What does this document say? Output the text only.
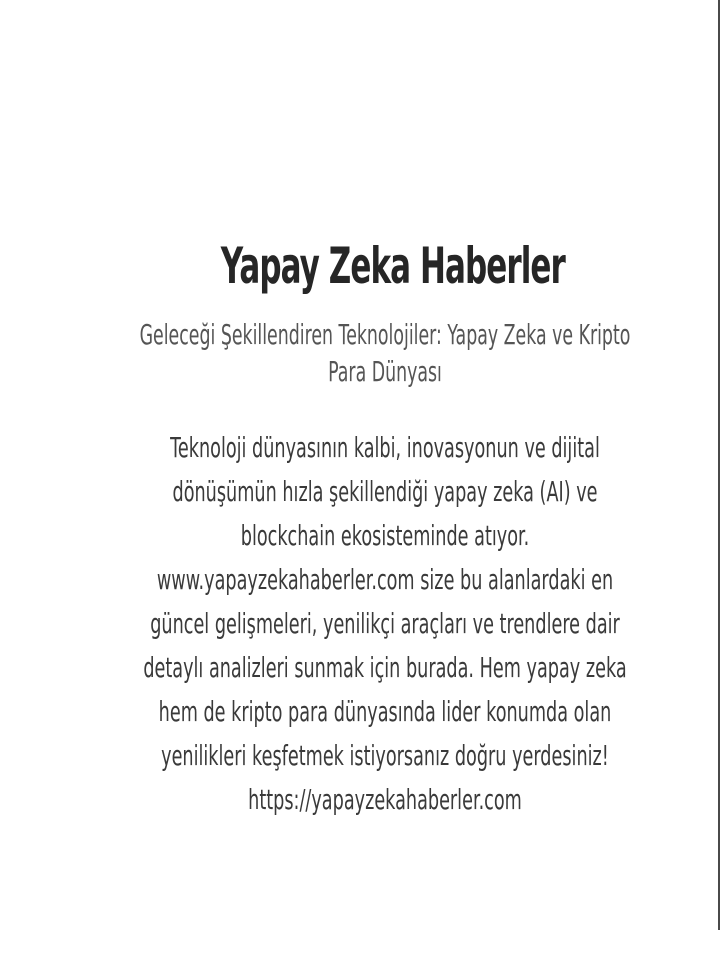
Yapay Zeka Haberler

Geleceği Şekillendiren Teknolojiler: Yapay Zeka ve Kripto Para Dünyası

Teknoloji dünyasının kalbi, inovasyonun ve dijital dönüşümün hızla şekillendiği yapay zeka (AI) ve blockchain ekosisteminde atıyor. www.yapayzekahaberler.com size bu alanlardaki en güncel gelişmeleri, yenilikçi araçları ve trendlere dair detaylı analizleri sunmak için burada. Hem yapay zeka hem de kripto para dünyasında lider konumda olan yenilikleri keşfetmek istiyorsanız doğru yerdesiniz!
https://yapayzekahaberler.com
